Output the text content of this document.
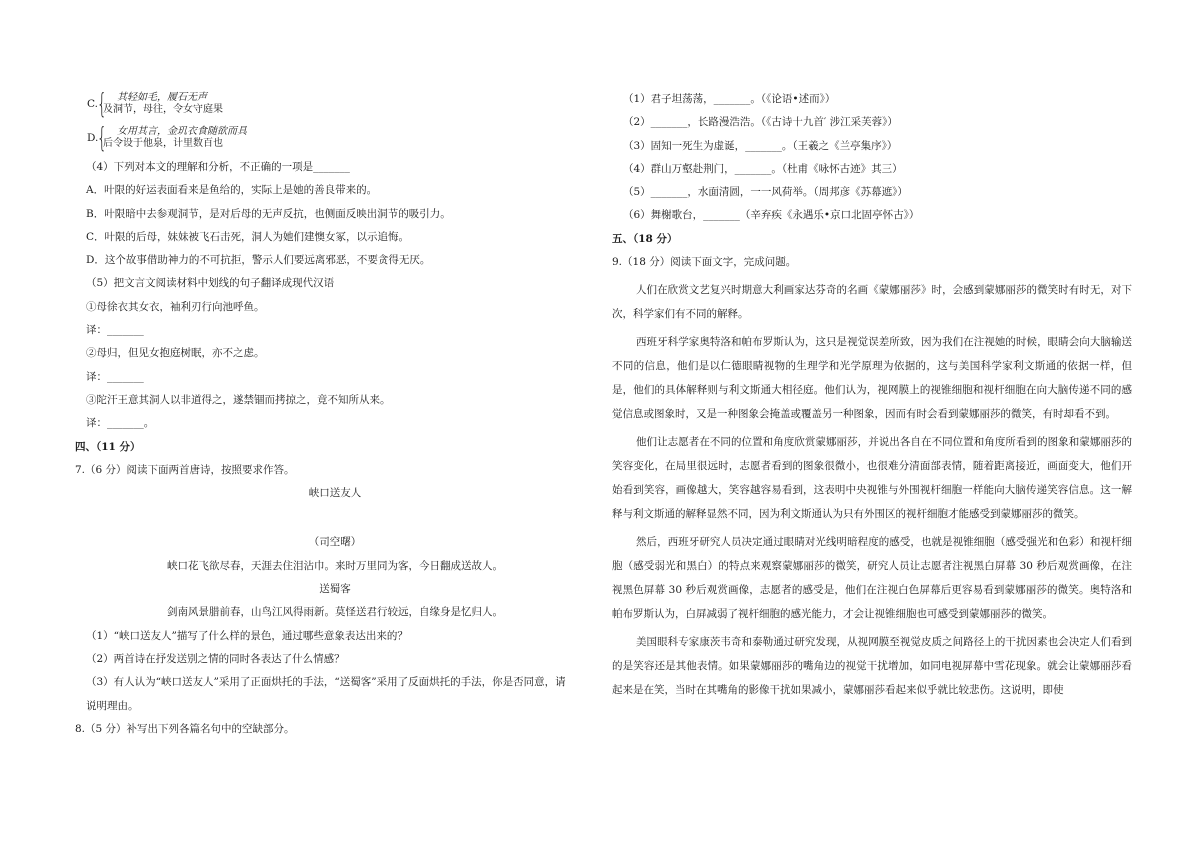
C. { 其轻如毛，履石无声
及洞节，母往，令女守庭果
D.
{ 女用其言，金玑衣食随欲而具
后令设于他泉，计里数百也
（4）下列对本文的理解和分析，不正确的一项是_______
A．叶限的好运表面看来是鱼给的，实际上是她的善良带来的。
B．叶限暗中去参观洞节，是对后母的无声反抗，也侧面反映出洞节的吸引力。
C．叶限的后母，妹妹被飞石击死，洞人为她们建懊女冢，以示追悔。
D．这个故事借助神力的不可抗拒，警示人们要远离邪恶，不要贪得无厌。
（5）把文言文阅读材料中划线的句子翻译成现代汉语
①母徐衣其女衣，袖利刃行向池呼鱼。
译：_______
②母归，但见女抱庭树眠，亦不之虑。
译：_______
③陀汗王意其洞人以非道得之，遂禁锢而拷掠之，竟不知所从来。
译：_______。
四、（11 分）
7.（6 分）阅读下面两首唐诗，按照要求作答。
峡口送友人
（司空曙）
峡口花飞欲尽春，天涯去住泪沾巾。来时万里同为客，今日翻成送故人。
送蜀客
剑南风景腊前春，山鸟江风得雨新。莫怪送君行较远，自缘身是忆归人。
（1）“峡口送友人”描写了什么样的景色，通过哪些意象表达出来的？
（2）两首诗在抒发送别之情的同时各表达了什么情感？
（3）有人认为“峡口送友人”采用了正面烘托的手法，“送蜀客”采用了反面烘托的手法，你是否同意，请
说明理由。
8.（5 分）补写出下列各篇名句中的空缺部分。
（1）君子坦荡荡，_______。（《论语•述而》）
（2）_______，长路漫浩浩。（《古诗十九首′ 涉江采芙蓉》）
（3）固知一死生为虚诞，_______。（王羲之《兰亭集序》）
（4）群山万壑赴荆门，_______。（杜甫《咏怀古迹》其三）
（5）_______，水面清圆，一一风荷举。（周邦彦《苏幕遮》）
（6）舞榭歌台，_______（辛弃疾《永遇乐•京口北固亭怀古》）
五、（18 分）
9.（18 分）阅读下面文字，完成问题。

人们在欣赏文艺复兴时期意大利画家达芬奇的名画《蒙娜丽莎》时，会感到蒙娜丽莎的微笑时有时无，对下次，科学家们有不同的解释。

西班牙科学家奥特洛和帕布罗斯认为，这只是视觉误差所致，因为我们在注视她的时候，眼睛会向大脑输送不同的信息，他们是以仁德眼睛视物的生理学和光学原理为依据的，这与美国科学家利文斯通的依据一样，但是，他们的具体解释则与利文斯通大相径庭。他们认为，视网膜上的视锥细胞和视杆细胞在向大脑传递不同的感觉信息或图象时，又是一种图象会掩盖或覆盖另一种图象，因而有时会看到蒙娜丽莎的微笑，有时却看不到。

他们让志愿者在不同的位置和角度欣赏蒙娜丽莎，并说出各自在不同位置和角度所看到的图象和蒙娜丽莎的笑容变化，在局里很远时，志愿者看到的图象很微小，也很难分清面部表情，随着距离接近，画面变大，他们开始看到笑容，画像越大，笑容越容易看到，这表明中央视锥与外围视杆细胞一样能向大脑传递笑容信息。这一解释与利文斯通的解释显然不同，因为利文斯通认为只有外围区的视杆细胞才能感受到蒙娜丽莎的微笑。

然后，西班牙研究人员决定通过眼睛对光线明暗程度的感受，也就是视锥细胞（感受强光和色彩）和视杆细胞（感受弱光和黑白）的特点来观察蒙娜丽莎的微笑，研究人员让志愿者注视黑白屏幕 30 秒后观赏画像，在注视黑色屏幕 30 秒后观赏画像，志愿者的感受是，他们在注视白色屏幕后更容易看到蒙娜丽莎的微笑。奥特洛和帕布罗斯认为，白屏减弱了视杆细胞的感光能力，才会让视锥细胞也可感受到蒙娜丽莎的微笑。

美国眼科专家康茨韦奇和泰勒通过研究发现，从视网膜至视觉皮质之间路径上的干扰因素也会决定人们看到的是笑容还是其他表情。如果蒙娜丽莎的嘴角边的视觉干扰增加，如同电视屏幕中雪花现象。就会让蒙娜丽莎看起来是在笑，当时在其嘴角的影像干扰如果减小，蒙娜丽莎看起来似乎就比较悲伤。这说明，即使
